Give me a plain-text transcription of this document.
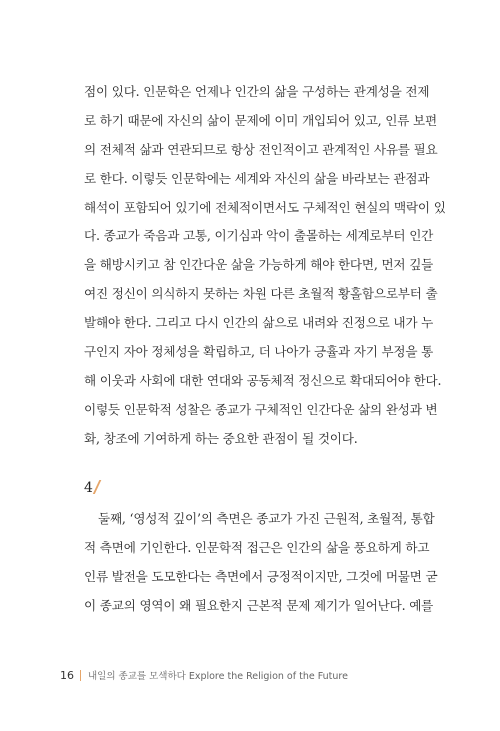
점이 있다. 인문학은 언제나 인간의 삶을 구성하는 관계성을 전제
로 하기 때문에 자신의 삶이 문제에 이미 개입되어 있고, 인류 보편
의 전체적 삶과 연관되므로 항상 전인적이고 관계적인 사유를 필요
로 한다. 이렇듯 인문학에는 세계와 자신의 삶을 바라보는 관점과
해석이 포함되어 있기에 전체적이면서도 구체적인 현실의 맥락이 있
다. 종교가 죽음과 고통, 이기심과 악이 출몰하는 세계로부터 인간
을 해방시키고 참 인간다운 삶을 가능하게 해야 한다면, 먼저 깊들
여진 정신이 의식하지 못하는 차원 다른 초월적 황홀함으로부터 출
발해야 한다. 그리고 다시 인간의 삶으로 내려와 진정으로 내가 누
구인지 자아 정체성을 확립하고, 더 나아가 긍휼과 자기 부정을 통
해 이웃과 사회에 대한 연대와 공동체적 정신으로 확대되어야 한다.
이렇듯 인문학적 성찰은 종교가 구체적인 인간다운 삶의 완성과 변
화, 창조에 기여하게 하는 중요한 관점이 될 것이다.
4
둘째, ‘영성적 깊이’의 측면은 종교가 가진 근원적, 초월적, 통합
적 측면에 기인한다. 인문학적 접근은 인간의 삶을 풍요하게 하고
인류 발전을 도모한다는 측면에서 긍정적이지만, 그것에 머물면 굳
이 종교의 영역이 왜 필요한지 근본적 문제 제기가 일어난다. 예를
16 내일의 종교를 모색하다 Explore the Religion of the Future
